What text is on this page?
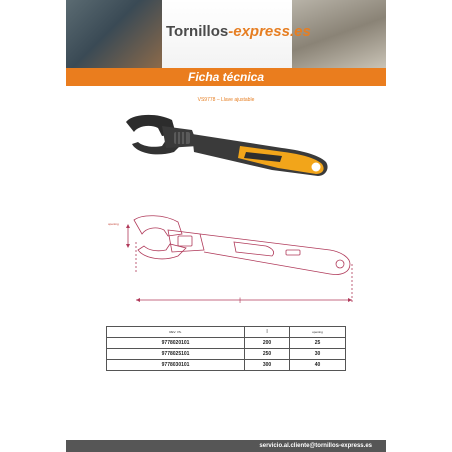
Tornillos-express.es
Ficha técnica
VS9778 – Llave ajustable
l
opening
REV. VS.	l	opening
9778020101	200	25
9778025101	250	30
9778030101	300	40
servicio.al.cliente@tornillos-express.es
